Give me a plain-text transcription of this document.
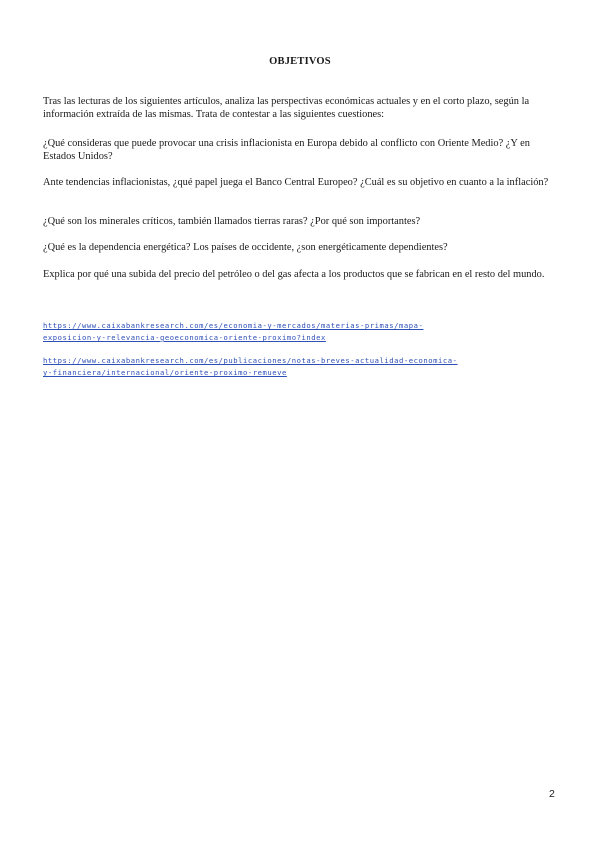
OBJETIVOS

Tras las lecturas de los siguientes artículos, analiza las perspectivas económicas actuales y en el corto plazo, según la información extraída de las mismas. Trata de contestar a las siguientes cuestiones:

¿Qué consideras que puede provocar una crisis inflacionista en Europa debido al conflicto con Oriente Medio? ¿Y en Estados Unidos?

Ante tendencias inflacionistas, ¿qué papel juega el Banco Central Europeo? ¿Cuál es su objetivo en cuanto a la inflación?

¿Qué son los minerales críticos, también llamados tierras raras? ¿Por qué son importantes?

¿Qué es la dependencia energética? Los países de occidente, ¿son energéticamente dependientes?

Explica por qué una subida del precio del petróleo o del gas afecta a los productos que se fabrican en el resto del mundo.

https://www.caixabankresearch.com/es/economia-y-mercados/materias-primas/mapa-
exposicion-y-relevancia-geoeconomica-oriente-proximo?index
https://www.caixabankresearch.com/es/publicaciones/notas-breves-actualidad-economica-
y-financiera/internacional/oriente-proximo-remueve
2
